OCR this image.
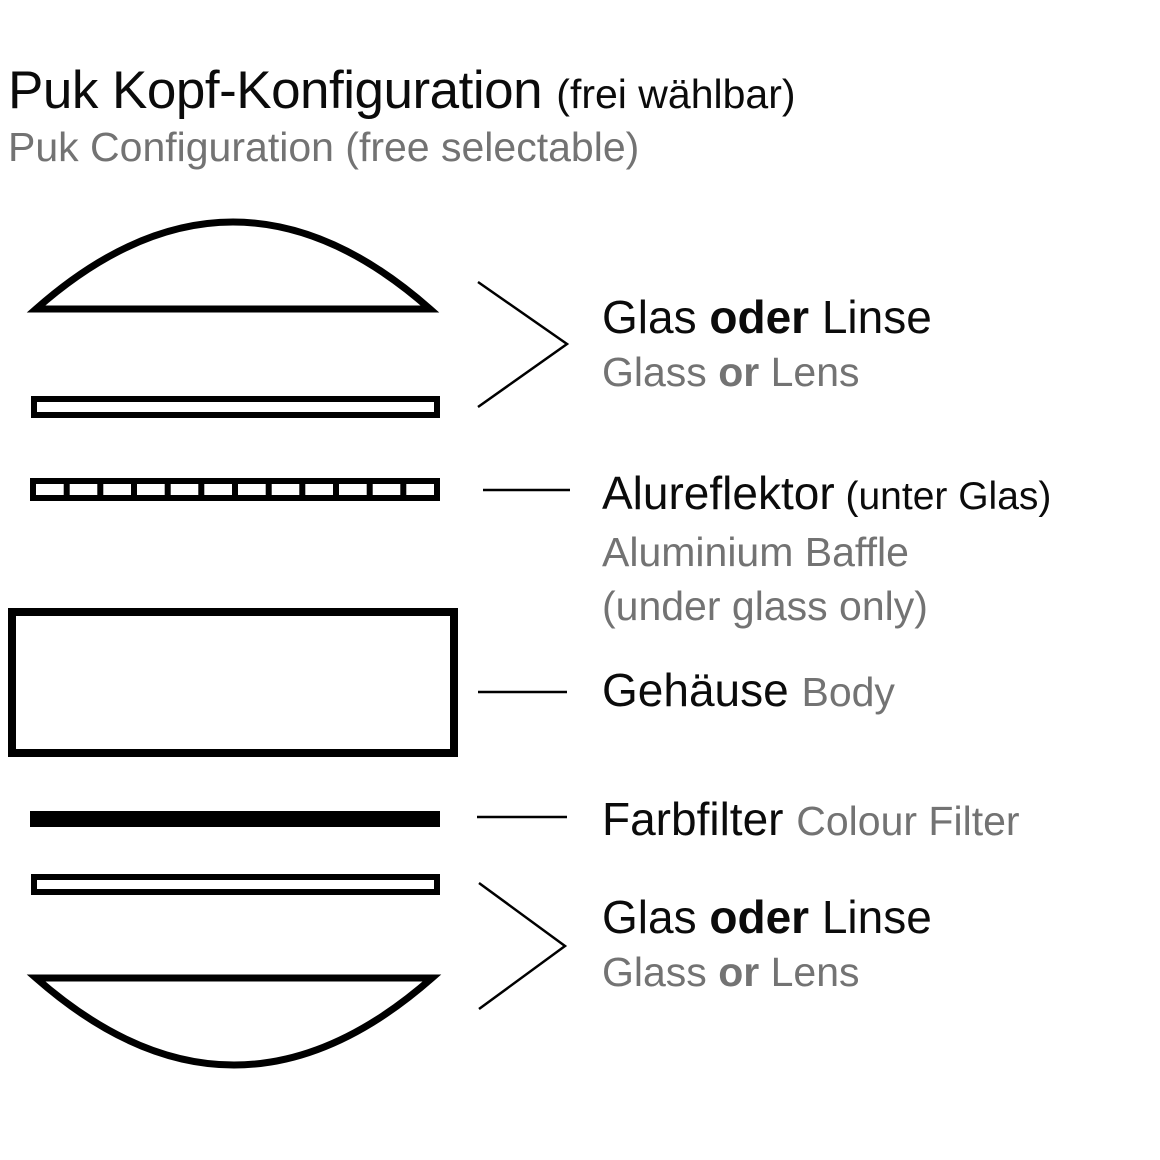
Puk Kopf-Konfiguration (frei wählbar)
Puk Configuration (free selectable)
Glas oder Linse
Glass or Lens
Alureflektor (unter Glas)
Aluminium Baffle
(under glass only)
Gehäuse Body
Farbfilter Colour Filter
Glas oder Linse
Glass or Lens
